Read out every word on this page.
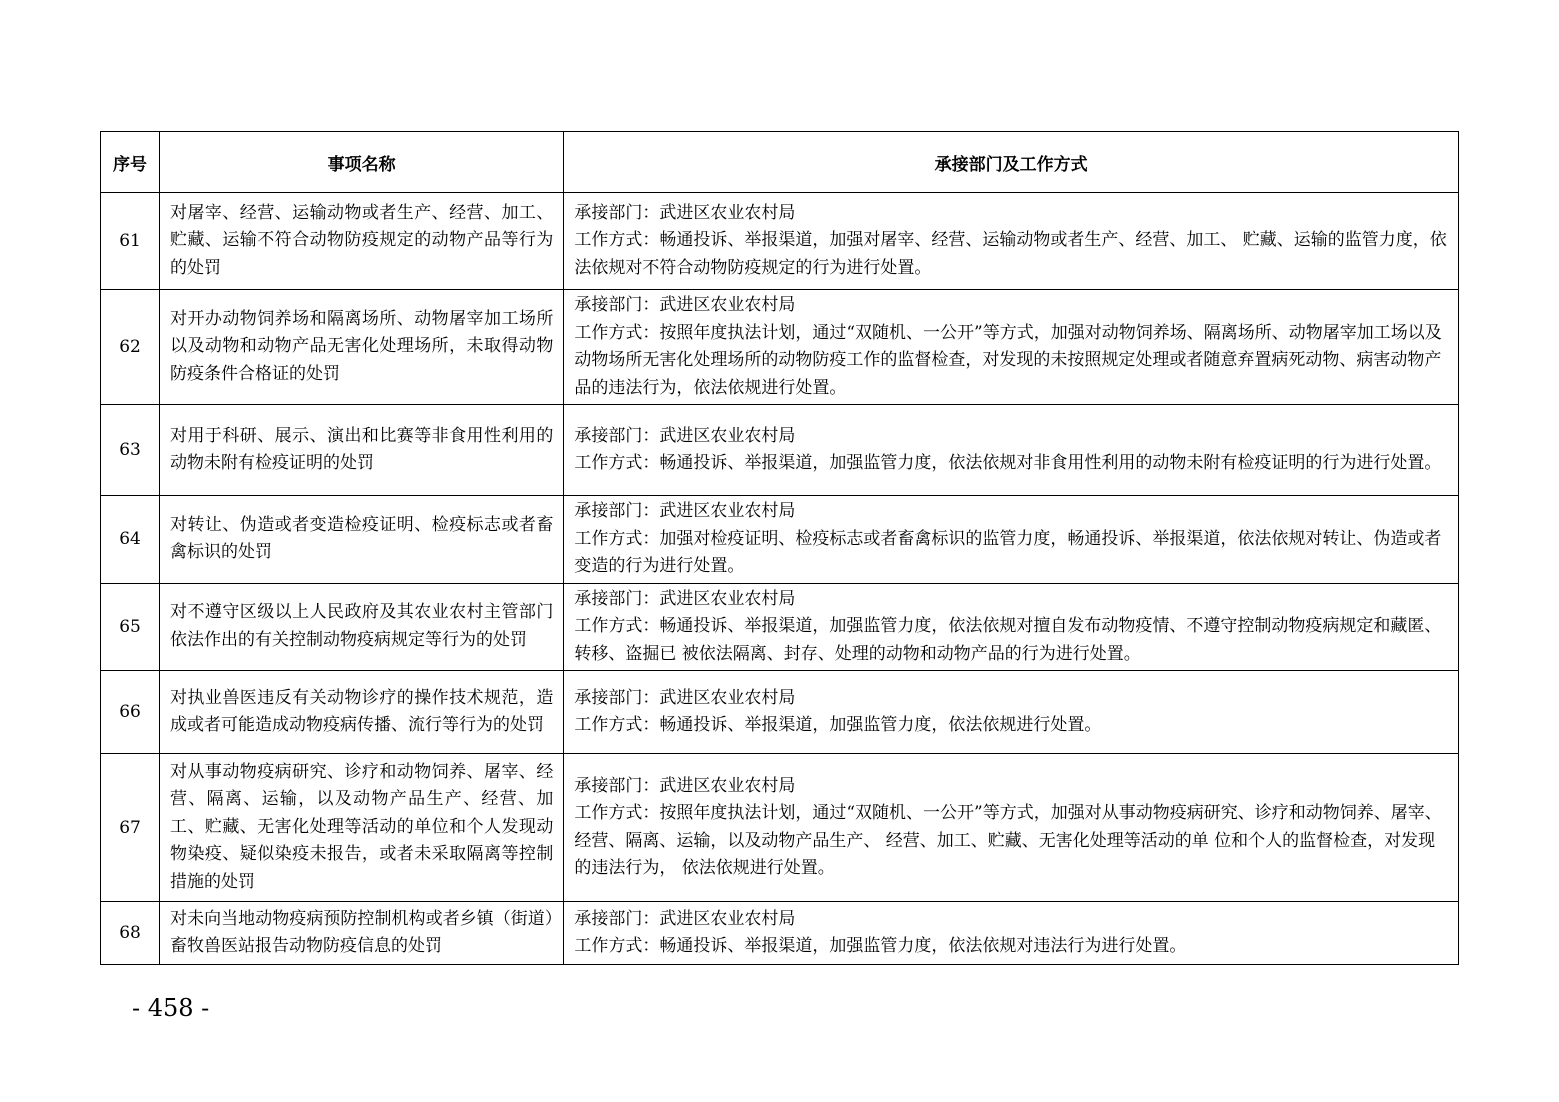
序号	事项名称	承接部门及工作方式
61	对屠宰、经营、运输动物或者生产、经营、加工、贮藏、运输不符合动物防疫规定的动物产品等行为的处罚	承接部门：武进区农业农村局
工作方式：畅通投诉、举报渠道，加强对屠宰、经营、运输动物或者生产、经营、加工、 贮藏、运输的监管力度，依法依规对不符合动物防疫规定的行为进行处置。

62	对开办动物饲养场和隔离场所、动物屠宰加工场所以及动物和动物产品无害化处理场所，未取得动物防疫条件合格证的处罚	承接部门：武进区农业农村局
工作方式：按照年度执法计划，通过“双随机、一公开”等方式，加强对动物饲养场、隔离场所、动物屠宰加工场以及动物场所无害化处理场所的动物防疫工作的监督检查，对发现的未按照规定处理或者随意弃置病死动物、病害动物产品的违法行为，依法依规进行处置。

63	对用于科研、展示、演出和比赛等非食用性利用的动物未附有检疫证明的处罚	承接部门：武进区农业农村局
工作方式：畅通投诉、举报渠道，加强监管力度，依法依规对非食用性利用的动物未附有检疫证明的行为进行处置。

64	对转让、伪造或者变造检疫证明、检疫标志或者畜禽标识的处罚	承接部门：武进区农业农村局
工作方式：加强对检疫证明、检疫标志或者畜禽标识的监管力度，畅通投诉、举报渠道，依法依规对转让、伪造或者变造的行为进行处置。

65	对不遵守区级以上人民政府及其农业农村主管部门依法作出的有关控制动物疫病规定等行为的处罚	承接部门：武进区农业农村局
工作方式：畅通投诉、举报渠道，加强监管力度，依法依规对擅自发布动物疫情、不遵守控制动物疫病规定和藏匿、转移、盗掘已 被依法隔离、封存、处理的动物和动物产品的行为进行处置。

66	对执业兽医违反有关动物诊疗的操作技术规范，造成或者可能造成动物疫病传播、流行等行为的处罚	承接部门：武进区农业农村局
工作方式：畅通投诉、举报渠道，加强监管力度，依法依规进行处置。

67	对从事动物疫病研究、诊疗和动物饲养、屠宰、经营、隔离、运输，以及动物产品生产、经营、加工、贮藏、无害化处理等活动的单位和个人发现动物染疫、疑似染疫未报告，或者未采取隔离等控制措施的处罚	承接部门：武进区农业农村局
工作方式：按照年度执法计划，通过“双随机、一公开”等方式，加强对从事动物疫病研究、诊疗和动物饲养、屠宰、经营、隔离、运输，以及动物产品生产、 经营、加工、贮藏、无害化处理等活动的单 位和个人的监督检查，对发现的违法行为， 依法依规进行处置。

68	对未向当地动物疫病预防控制机构或者乡镇（街道）畜牧兽医站报告动物防疫信息的处罚	承接部门：武进区农业农村局
工作方式：畅通投诉、举报渠道，加强监管力度，依法依规对违法行为进行处置。
- 458 -
